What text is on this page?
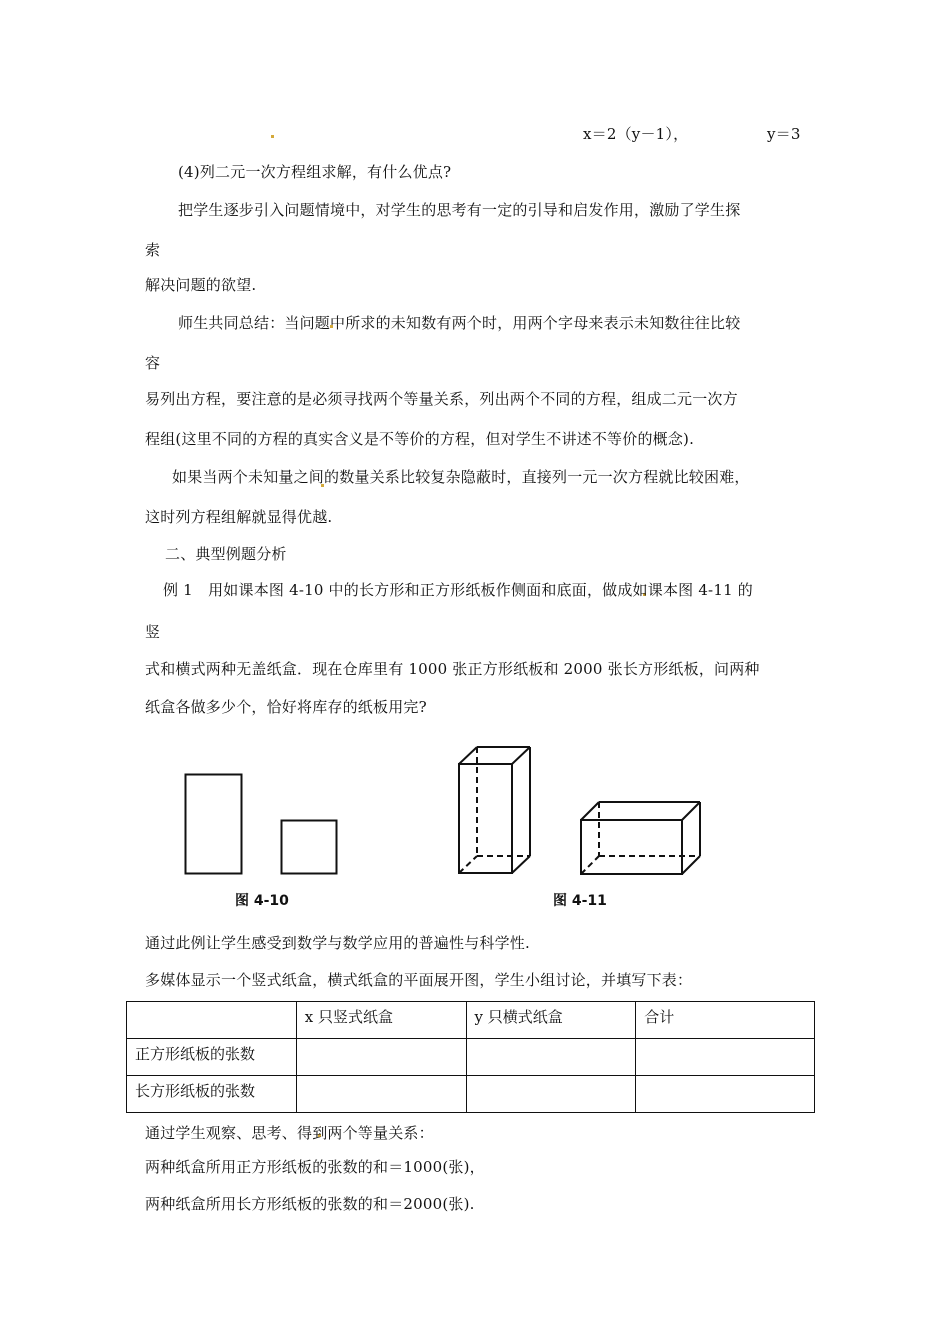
x＝2（y－1），	y＝3
(4)列二元一次方程组求解，有什么优点?
把学生逐步引入问题情境中，对学生的思考有一定的引导和启发作用，激励了学生探
索
解决问题的欲望.
师生共同总结：当问题中所求的未知数有两个时，用两个字母来表示未知数往往比较
容
易列出方程，要注意的是必须寻找两个等量关系，列出两个不同的方程，组成二元一次方
程组(这里不同的方程的真实含义是不等价的方程，但对学生不讲述不等价的概念).
如果当两个未知量之间的数量关系比较复杂隐蔽时，直接列一元一次方程就比较困难，
这时列方程组解就显得优越.
二、典型例题分析
例 1　用如课本图 4-10 中的长方形和正方形纸板作侧面和底面，做成如课本图 4-11 的
竖
式和横式两种无盖纸盒．现在仓库里有 1000 张正方形纸板和 2000 张长方形纸板，问两种
纸盒各做多少个，恰好将库存的纸板用完?
图 4-10	图 4-11
通过此例让学生感受到数学与数学应用的普遍性与科学性.
多媒体显示一个竖式纸盒，横式纸盒的平面展开图，学生小组讨论，并填写下表：
	x 只竖式纸盒	y 只横式纸盒	合计
正方形纸板的张数			
长方形纸板的张数			
通过学生观察、思考、得到两个等量关系：
两种纸盒所用正方形纸板的张数的和＝1000(张)，
两种纸盒所用长方形纸板的张数的和＝2000(张).
